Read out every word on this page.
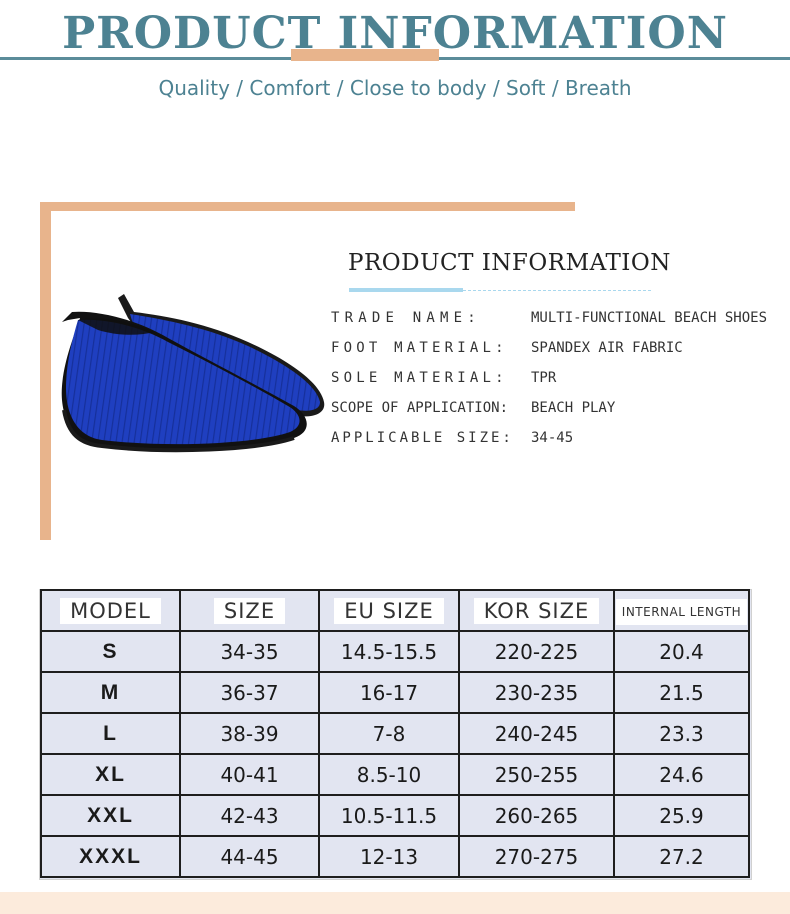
PRODUCT INFORMATION
Quality / Comfort / Close to body / Soft / Breath
PRODUCT INFORMATION
TRADE NAME:	MULTI-FUNCTIONAL BEACH SHOES
FOOT MATERIAL:	SPANDEX AIR FABRIC
SOLE MATERIAL:	TPR
SCOPE OF APPLICATION:	BEACH PLAY
APPLICABLE SIZE:	34-45
MODEL	SIZE	EU SIZE	KOR SIZE	INTERNAL LENGTH
S	34-35	14.5-15.5	220-225	20.4
M	36-37	16-17	230-235	21.5
L	38-39	7-8	240-245	23.3
XL	40-41	8.5-10	250-255	24.6
XXL	42-43	10.5-11.5	260-265	25.9
XXXL	44-45	12-13	270-275	27.2
